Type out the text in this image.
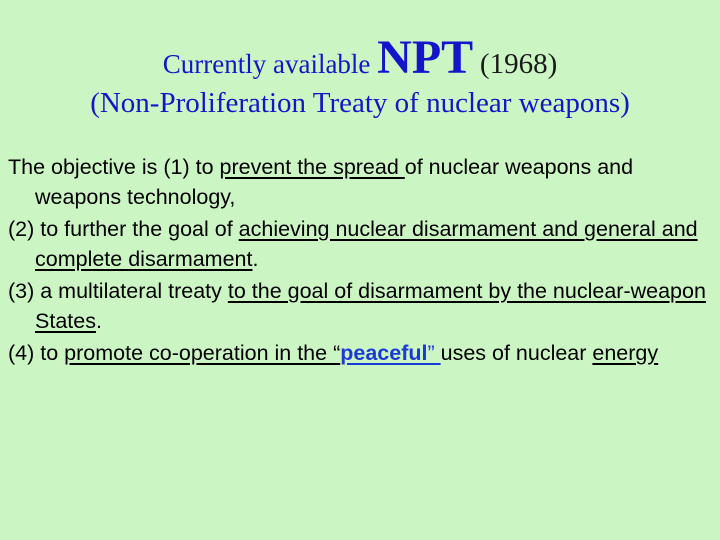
Currently available NPT (1968)
(Non-Proliferation Treaty of nuclear weapons)
The objective is (1) to prevent the spread of nuclear weapons and weapons technology,
(2) to further the goal of achieving nuclear disarmament and general and complete disarmament.
(3) a multilateral treaty to the goal of disarmament by the nuclear-weapon States.
(4) to promote co-operation in the “peaceful” uses of nuclear energy
